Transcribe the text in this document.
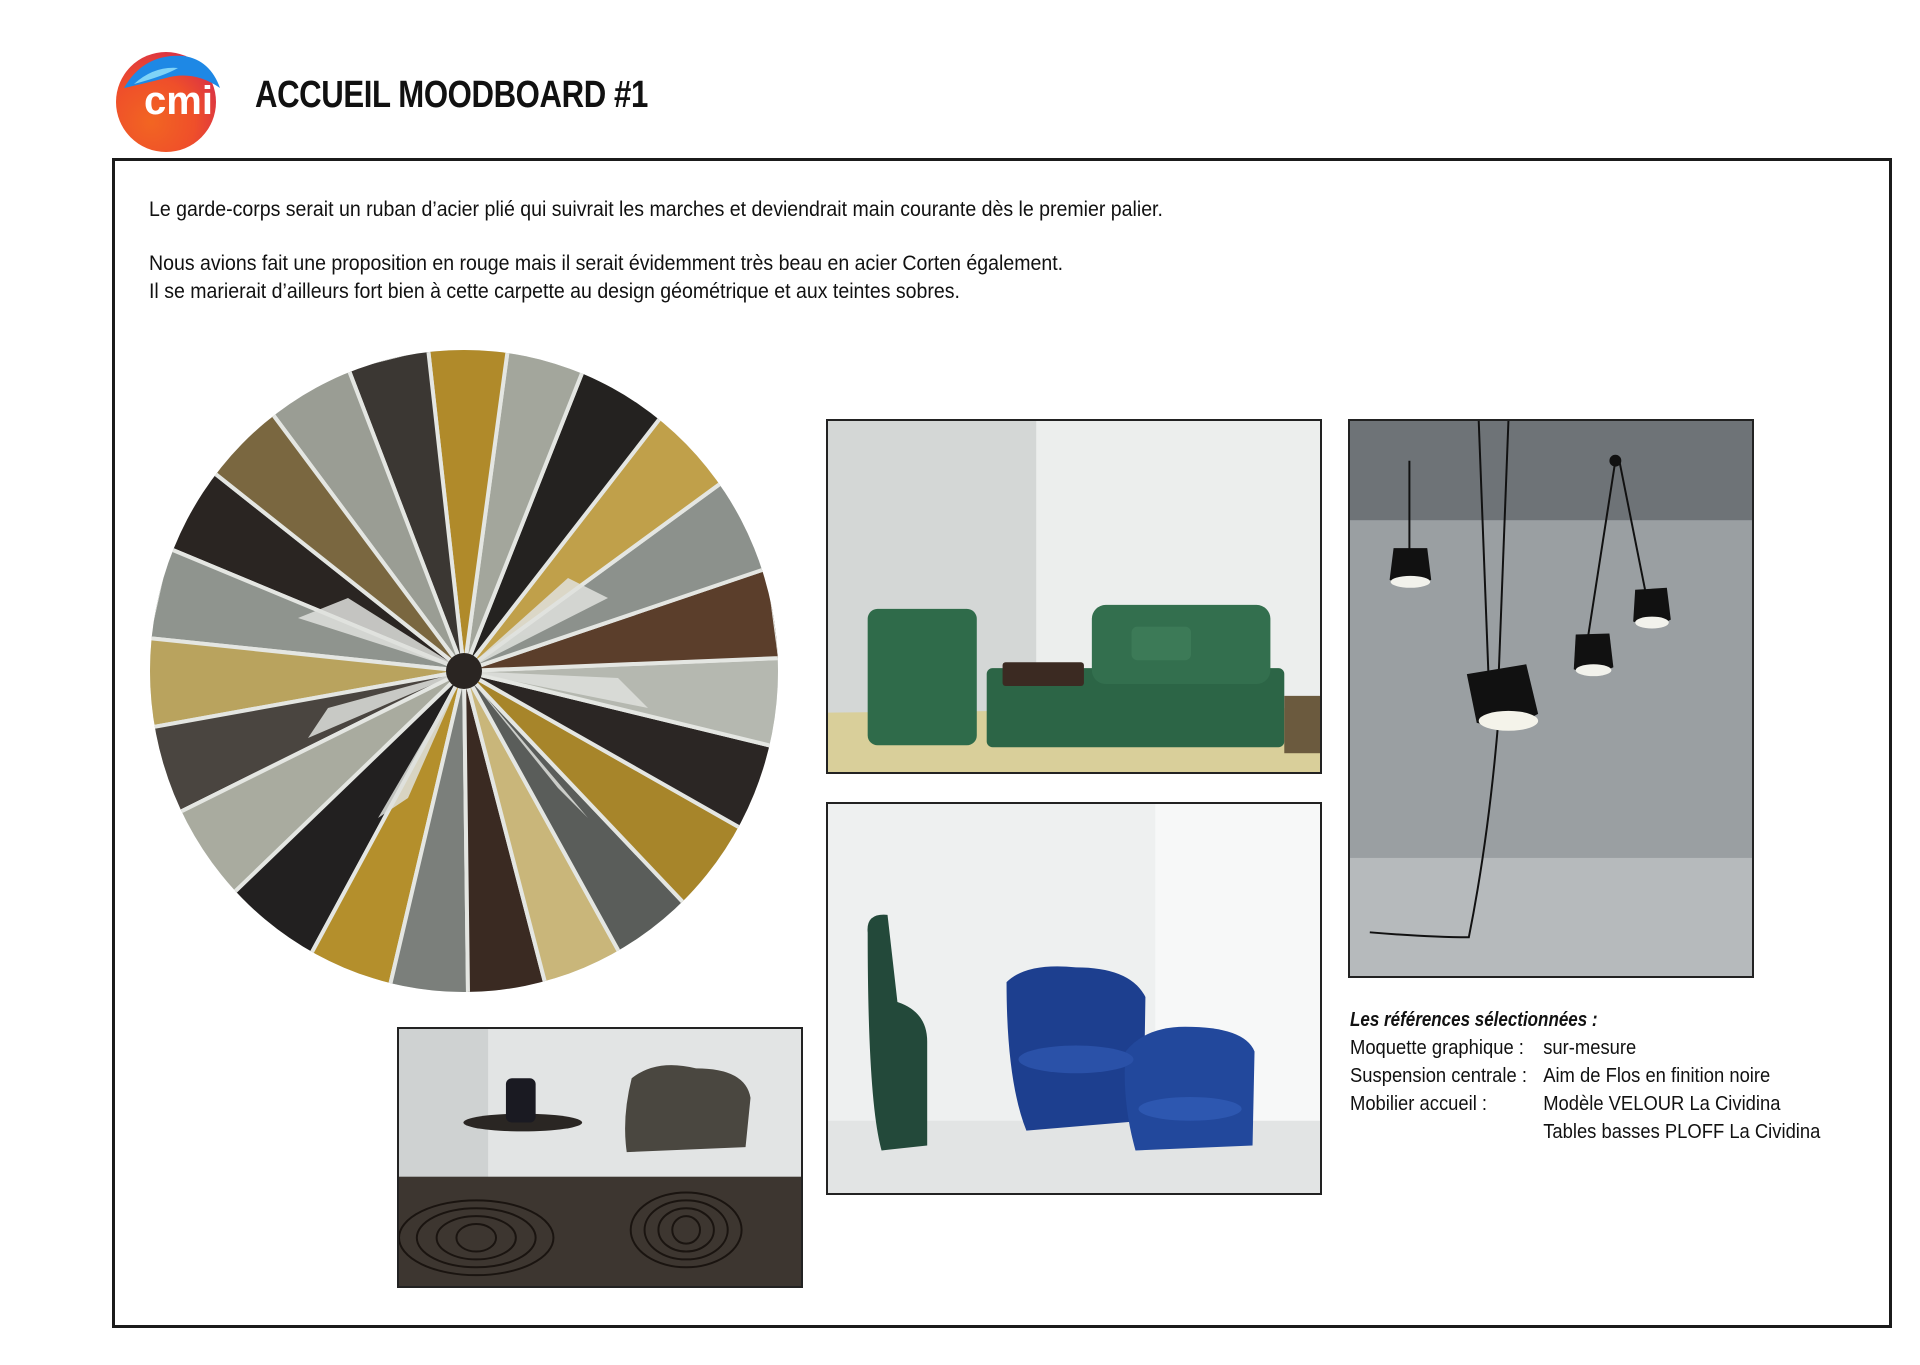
cmi ACCUEIL MOODBOARD #1

Le garde-corps serait un ruban d’acier plié qui suivrait les marches et deviendrait main courante dès le premier palier.

Nous avions fait une proposition en rouge mais il serait évidemment très beau en acier Corten également.
Il se marierait d’ailleurs fort bien à cette carpette au design géométrique et aux teintes sobres.

Les références sélectionnées :
Moquette graphique : sur-mesure
Suspension centrale : Aim de Flos en finition noire
Mobilier accueil :	Modèle VELOUR La Cividina
Tables basses PLOFF La Cividina
